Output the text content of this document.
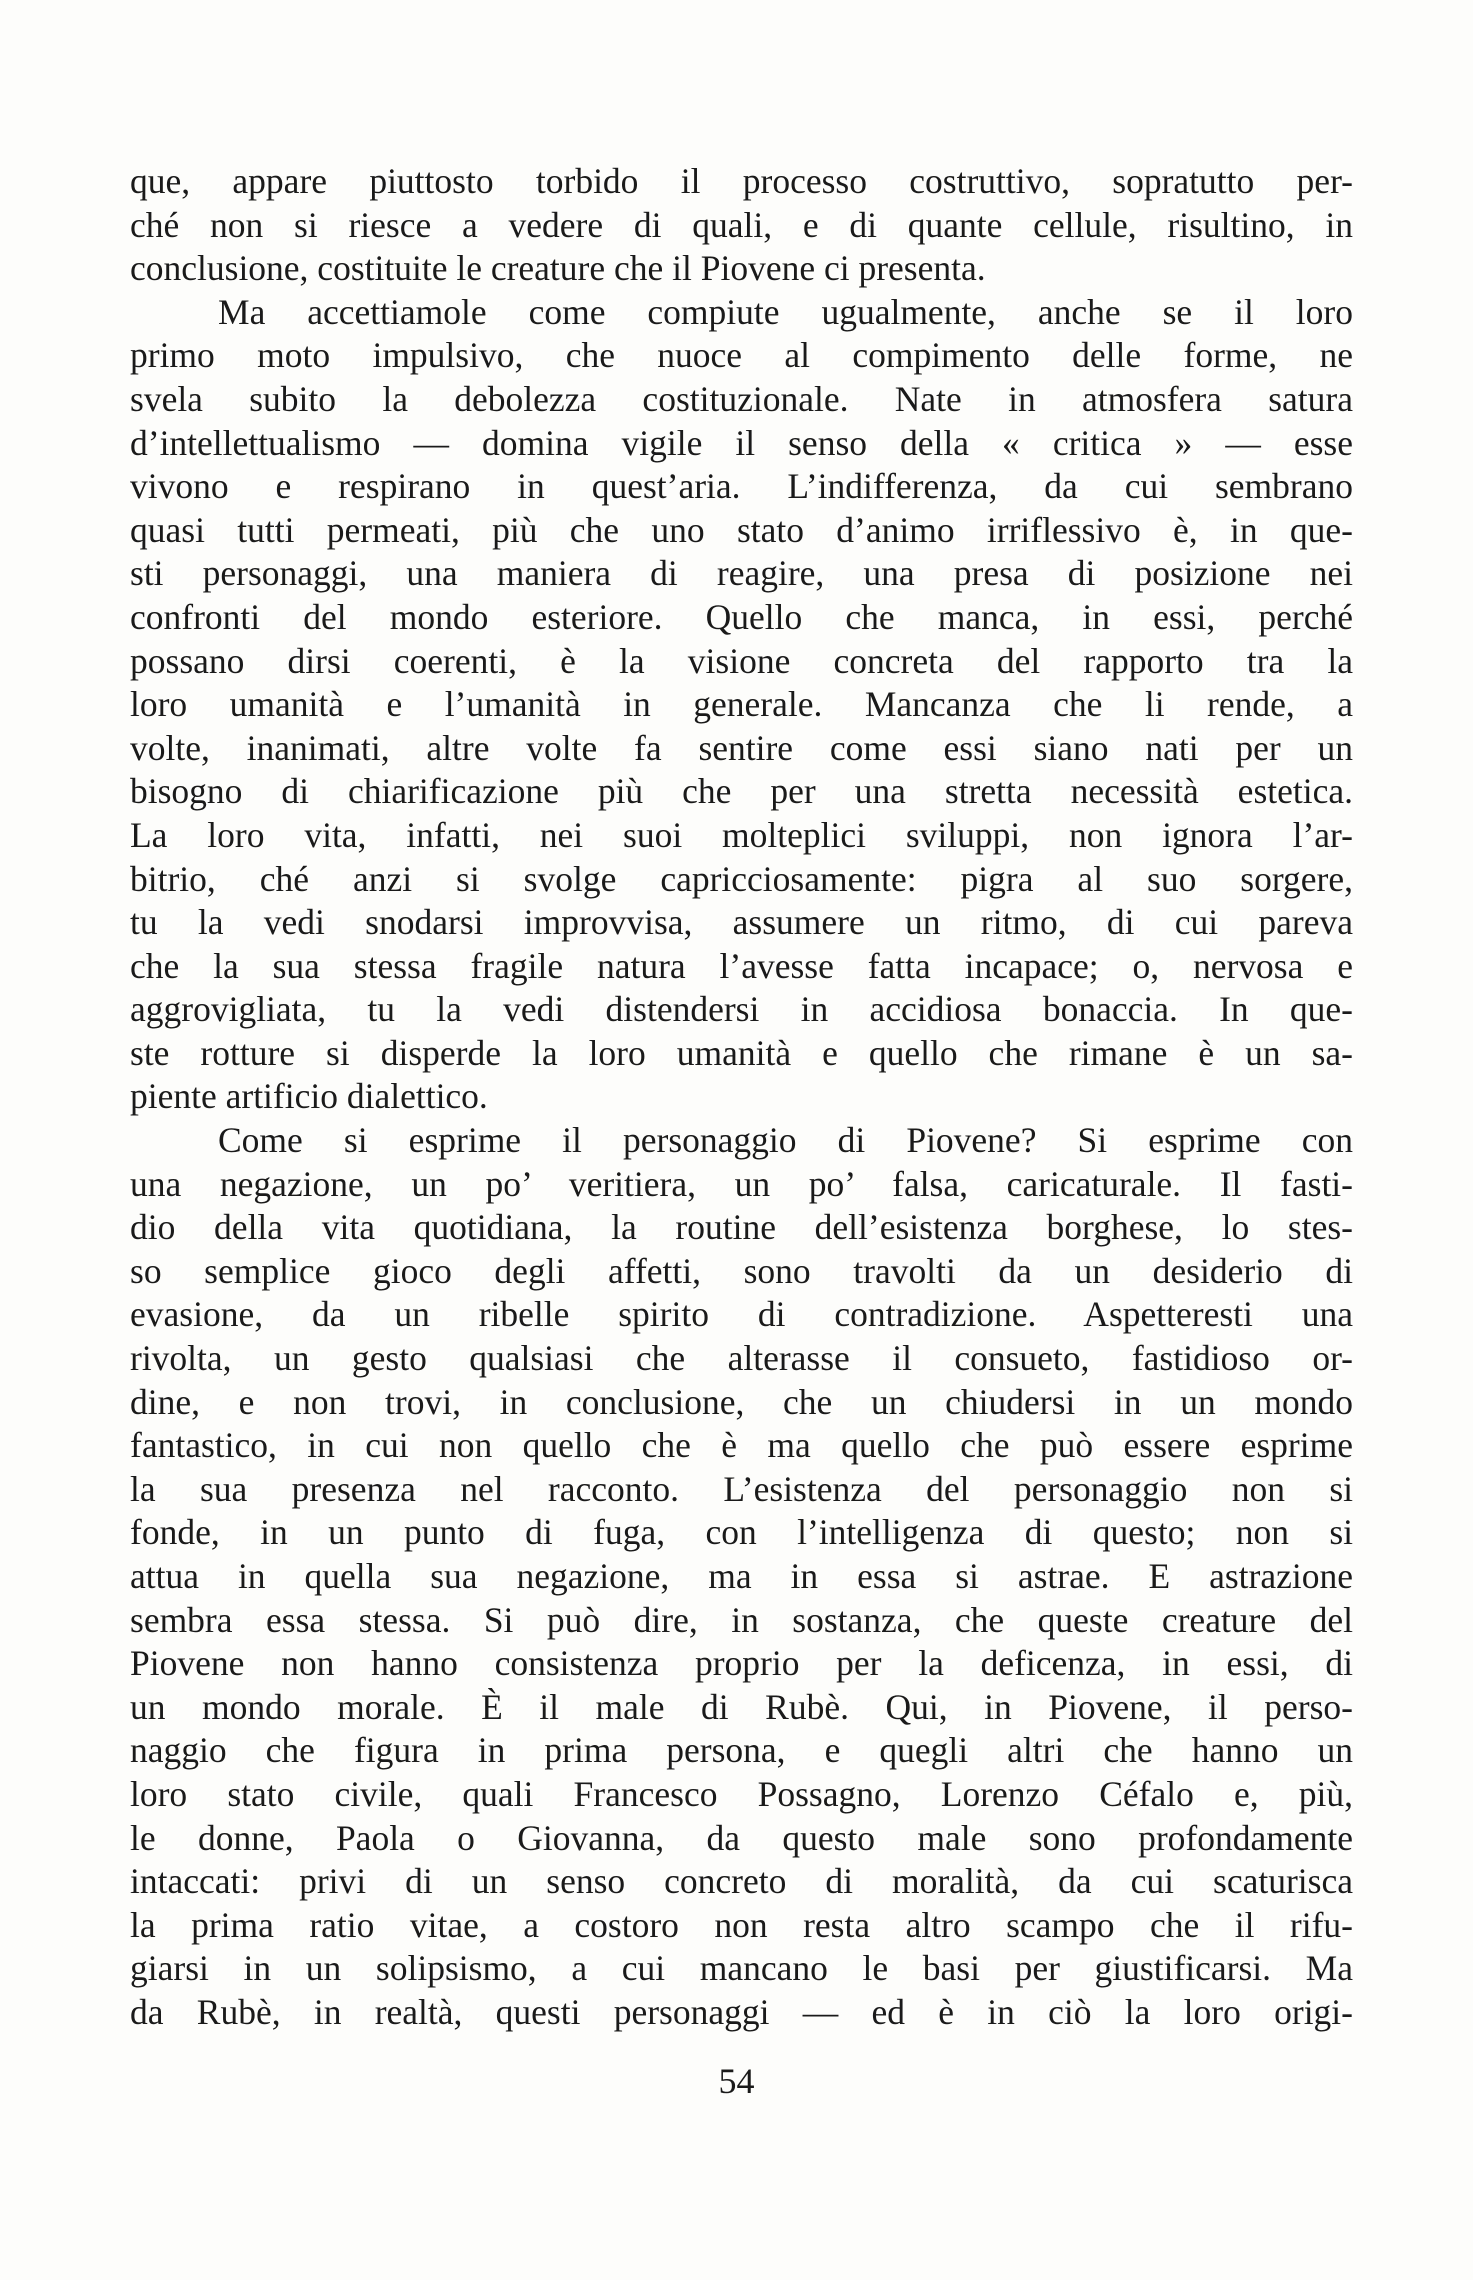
que, appare piuttosto torbido il processo costruttivo, sopratutto per-
ché non si riesce a vedere di quali, e di quante cellule, risultino, in
conclusione, costituite le creature che il Piovene ci presenta.
Ma accettiamole come compiute ugualmente, anche se il loro
primo moto impulsivo, che nuoce al compimento delle forme, ne
svela subito la debolezza costituzionale. Nate in atmosfera satura
d’intellettualismo — domina vigile il senso della « critica » — esse
vivono e respirano in quest’aria. L’indifferenza, da cui sembrano
quasi tutti permeati, più che uno stato d’animo irriflessivo è, in que-
sti personaggi, una maniera di reagire, una presa di posizione nei
confronti del mondo esteriore. Quello che manca, in essi, perché
possano dirsi coerenti, è la visione concreta del rapporto tra la
loro umanità e l’umanità in generale. Mancanza che li rende, a
volte, inanimati, altre volte fa sentire come essi siano nati per un
bisogno di chiarificazione più che per una stretta necessità estetica.
La loro vita, infatti, nei suoi molteplici sviluppi, non ignora l’ar-
bitrio, ché anzi si svolge capricciosamente: pigra al suo sorgere,
tu la vedi snodarsi improvvisa, assumere un ritmo, di cui pareva
che la sua stessa fragile natura l’avesse fatta incapace; o, nervosa e
aggrovigliata, tu la vedi distendersi in accidiosa bonaccia. In que-
ste rotture si disperde la loro umanità e quello che rimane è un sa-
piente artificio dialettico.
Come si esprime il personaggio di Piovene? Si esprime con
una negazione, un po’ veritiera, un po’ falsa, caricaturale. Il fasti-
dio della vita quotidiana, la routine dell’esistenza borghese, lo stes-
so semplice gioco degli affetti, sono travolti da un desiderio di
evasione, da un ribelle spirito di contradizione. Aspetteresti una
rivolta, un gesto qualsiasi che alterasse il consueto, fastidioso or-
dine, e non trovi, in conclusione, che un chiudersi in un mondo
fantastico, in cui non quello che è ma quello che può essere esprime
la sua presenza nel racconto. L’esistenza del personaggio non si
fonde, in un punto di fuga, con l’intelligenza di questo; non si
attua in quella sua negazione, ma in essa si astrae. E astrazione
sembra essa stessa. Si può dire, in sostanza, che queste creature del
Piovene non hanno consistenza proprio per la deficenza, in essi, di
un mondo morale. È il male di Rubè. Qui, in Piovene, il perso-
naggio che figura in prima persona, e quegli altri che hanno un
loro stato civile, quali Francesco Possagno, Lorenzo Céfalo e, più,
le donne, Paola o Giovanna, da questo male sono profondamente
intaccati: privi di un senso concreto di moralità, da cui scaturisca
la prima ratio vitae, a costoro non resta altro scampo che il rifu-
giarsi in un solipsismo, a cui mancano le basi per giustificarsi. Ma
da Rubè, in realtà, questi personaggi — ed è in ciò la loro origi-
54
